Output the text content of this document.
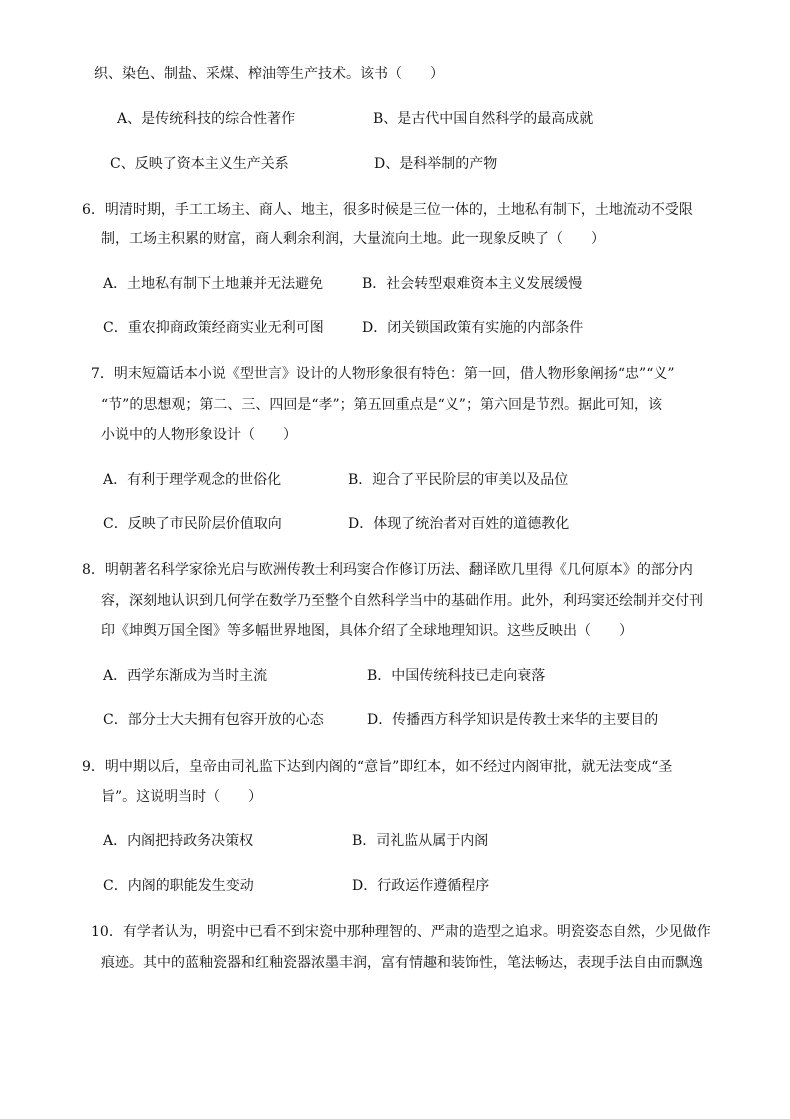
织、染色、制盐、采煤、榨油等生产技术。该书（　　）
A、是传统科技的综合性著作	B、是古代中国自然科学的最高成就
C、反映了资本主义生产关系	D、是科举制的产物
6．明清时期，手工工场主、商人、地主，很多时候是三位一体的，土地私有制下，土地流动不受限
制，工场主积累的财富，商人剩余利润，大量流向土地。此一现象反映了（　　）
A．土地私有制下土地兼并无法避免	B．社会转型艰难资本主义发展缓慢
C．重农抑商政策经商实业无利可图	D．闭关锁国政策有实施的内部条件
7．明末短篇话本小说《型世言》设计的人物形象很有特色：第一回，借人物形象阐扬“忠”“义”
“节”的思想观；第二、三、四回是“孝”；第五回重点是“义”；第六回是节烈。据此可知，该
小说中的人物形象设计（　　）
A．有利于理学观念的世俗化	B．迎合了平民阶层的审美以及品位
C．反映了市民阶层价值取向	D．体现了统治者对百姓的道德教化
8．明朝著名科学家徐光启与欧洲传教士利玛窦合作修订历法、翻译欧几里得《几何原本》的部分内
容，深刻地认识到几何学在数学乃至整个自然科学当中的基础作用。此外，利玛窦还绘制并交付刊
印《坤舆万国全图》等多幅世界地图，具体介绍了全球地理知识。这些反映出（　　）
A．西学东渐成为当时主流	B．中国传统科技已走向衰落
C．部分士大夫拥有包容开放的心态	D．传播西方科学知识是传教士来华的主要目的
9．明中期以后，皇帝由司礼监下达到内阁的“意旨”即红本，如不经过内阁审批，就无法变成“圣
旨”。这说明当时（　　）
A．内阁把持政务决策权	B．司礼监从属于内阁
C．内阁的职能发生变动	D．行政运作遵循程序
10．有学者认为，明瓷中已看不到宋瓷中那种理智的、严肃的造型之追求。明瓷姿态自然，少见做作
痕迹。其中的蓝釉瓷器和红釉瓷器浓墨丰润，富有情趣和装饰性，笔法畅达，表现手法自由而飘逸
